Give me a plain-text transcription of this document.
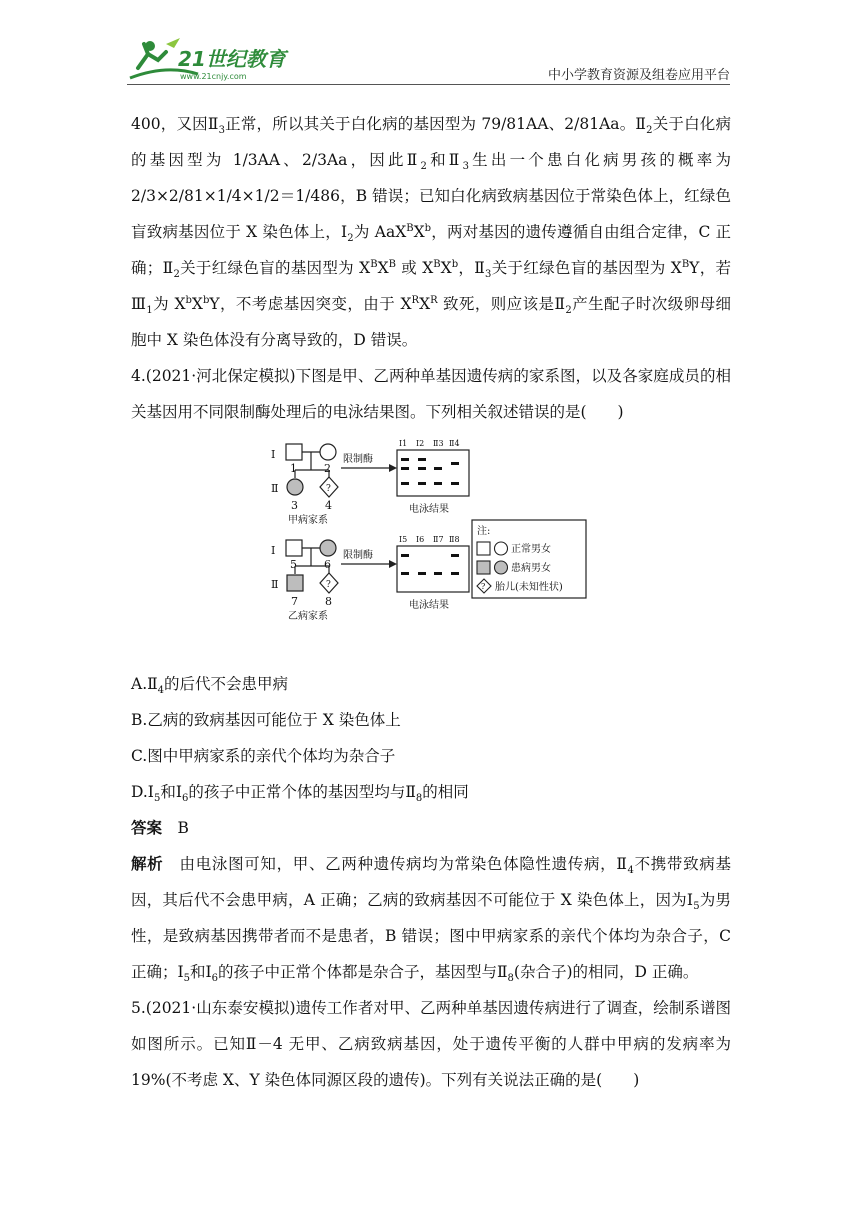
21世纪教育
www.21cnjy.com	中小学教育资源及组卷应用平台

400，又因$Ⅱ_3$正常，所以其关于白化病的基因型为 79/81AA、2/81Aa。$Ⅱ_2$关于白化病的基因型为 1/3AA、2/3Aa，因此$Ⅱ_2$和$Ⅱ_3$生出一个患白化病男孩的概率为 2/3×2/81×1/4×1/2＝1/486，B 错误；已知白化病致病基因位于常染色体上，红绿色盲致病基因位于 X 染色体上，$Ⅰ_2$为 $AaX^BX^b$，两对基因的遗传遵循自由组合定律，C 正确；$Ⅱ_2$关于红绿色盲的基因型为 $X^BX^B$ 或 $X^BX^b$，$Ⅱ_3$关于红绿色盲的基因型为 $X^BY$，若$Ⅲ_1$为 $X^bX^bY$，不考虑基因突变，由于 $X^RX^R$ 致死，则应该是$Ⅱ_2$产生配子时次级卵母细胞中 X 染色体没有分离导致的，D 错误。

4.(2021·河北保定模拟)下图是甲、乙两种单基因遗传病的家系图，以及各家庭成员的相关基因用不同限制酶处理后的电泳结果图。下列相关叙述错误的是(　　)

Ⅰ
1 2
Ⅱ	?
3 4
甲病家系
限制酶
Ⅰ1 Ⅰ2 Ⅱ3 Ⅱ4
电泳结果
Ⅰ
5 6
Ⅱ	?
7 8
乙病家系
限制酶
Ⅰ5 Ⅰ6 Ⅱ7 Ⅱ8
电泳结果
注:
正常男女
患病男女
? 胎儿(未知性状)

$A.Ⅱ_4$的后代不会患甲病

B.乙病的致病基因可能位于 X 染色体上

C.图中甲病家系的亲代个体均为杂合子

$D.Ⅰ_5$和$Ⅰ_6$的孩子中正常个体的基因型均与$Ⅱ_8$的相同

答案　 B

解析　 由电泳图可知，甲、乙两种遗传病均为常染色体隐性遗传病，$Ⅱ_4$不携带致病基因，其后代不会患甲病，A 正确；乙病的致病基因不可能位于 X 染色体上，因为$Ⅰ_5$为男性，是致病基因携带者而不是患者，B 错误；图中甲病家系的亲代个体均为杂合子，C 正确；$Ⅰ_5$和$Ⅰ_6$的孩子中正常个体都是杂合子，基因型与$Ⅱ_8$(杂合子)的相同，D 正确。

5.(2021·山东泰安模拟)遗传工作者对甲、乙两种单基因遗传病进行了调查，绘制系谱图如图所示。已知Ⅱ－4 无甲、乙病致病基因，处于遗传平衡的人群中甲病的发病率为 19%(不考虑 X、Y 染色体同源区段的遗传)。下列有关说法正确的是(　　)
